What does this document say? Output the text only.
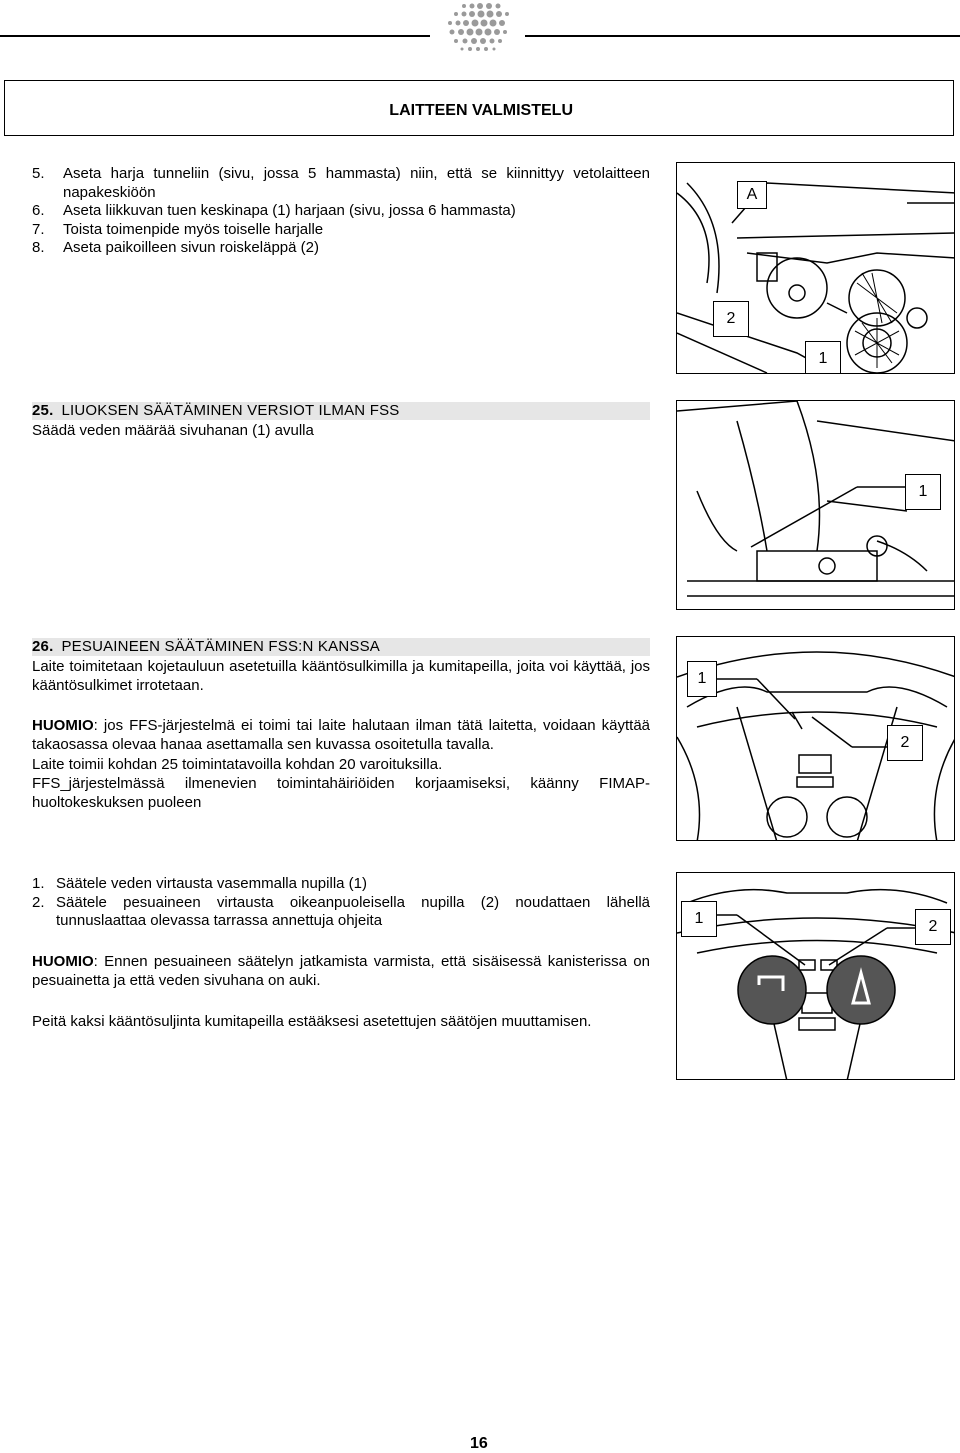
LAITTEEN VALMISTELU
5.	Aseta harja tunneliin (sivu, jossa 5 hammasta) niin, että se kiinnittyy vetolaitteen napakeskiöön
6.	Aseta liikkuvan tuen keskinapa (1) harjaan (sivu, jossa 6 hammasta)
7.	Toista toimenpide myös toiselle harjalle
8.	Aseta paikoilleen sivun roiskeläppä (2)
A
2
1
25. LIUOKSEN SÄÄTÄMINEN VERSIOT ILMAN FSS

Säädä veden määrää sivuhanan (1) avulla

1
26. PESUAINEEN SÄÄTÄMINEN FSS:N KANSSA

Laite toimitetaan kojetauluun asetetuilla kääntösulkimilla ja kumitapeilla, joita voi käyttää, jos kääntösulkimet irrotetaan.

HUOMIO: jos FFS-järjestelmä ei toimi tai laite halutaan ilman tätä laitetta, voidaan käyttää takaosassa olevaa hanaa asettamalla sen kuvassa osoitetulla tavalla.

Laite toimii kohdan 25 toimintatavoilla kohdan 20 varoituksilla.

FFS_järjestelmässä ilmenevien toimintahäiriöiden korjaamiseksi, käänny FIMAP-huoltokeskuksen puoleen

1
2
1. Säätele veden virtausta vasemmalla nupilla (1)
2. Säätele pesuaineen virtausta oikeanpuoleisella nupilla (2) noudattaen lähellä tunnuslaattaa olevassa tarrassa annettuja ohjeita

HUOMIO: Ennen pesuaineen säätelyn jatkamista varmista, että sisäisessä kanisterissa on pesuainetta ja että veden sivuhana on auki.

Peitä kaksi kääntösuljinta kumitapeilla estääksesi asetettujen säätöjen muuttamisen.

1	2
16
